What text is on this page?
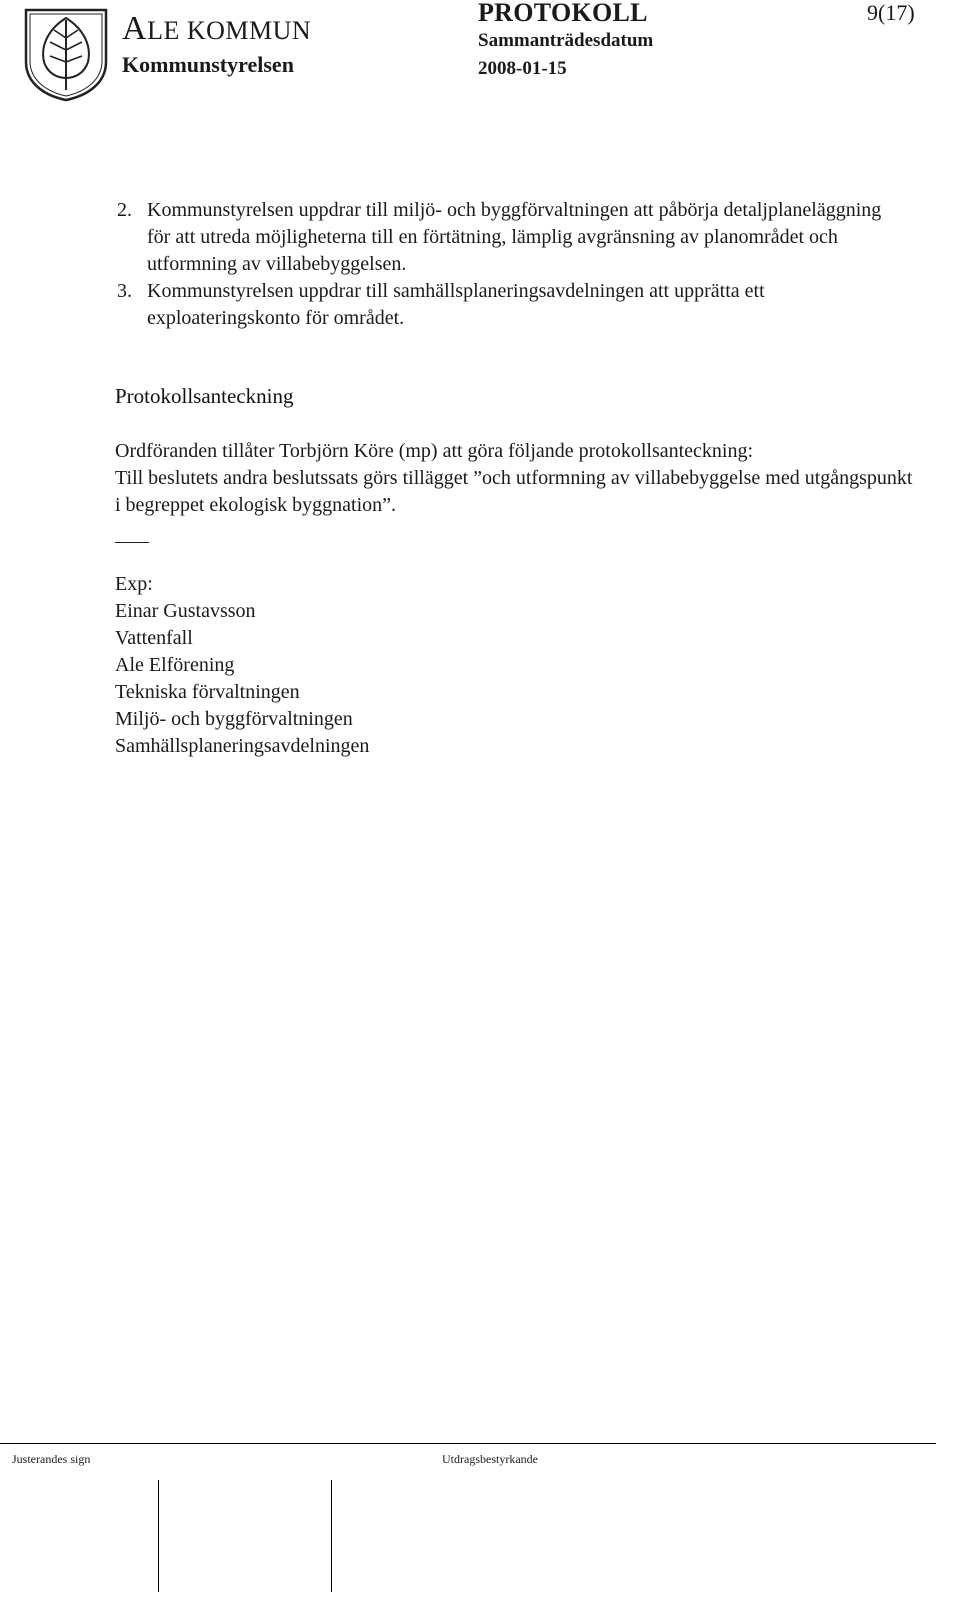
ALE KOMMUN
Kommunstyrelsen
PROTOKOLL	9(17)
Sammanträdesdatum
2008-01-15
2. Kommunstyrelsen uppdrar till miljö- och byggförvaltningen att påbörja detaljplaneläggning för att utreda möjligheterna till en förtätning, lämplig avgränsning av planområdet och utformning av villabebyggelsen.
3. Kommunstyrelsen uppdrar till samhällsplaneringsavdelningen att upprätta ett exploateringskonto för området.
Protokollsanteckning

Ordföranden tillåter Torbjörn Köre (mp) att göra följande protokollsanteckning:

Till beslutets andra beslutssats görs tillägget ”och utformning av villabebyggelse med utgångspunkt i begreppet ekologisk byggnation”.

Exp:
Einar Gustavsson
Vattenfall
Ale Elförening
Tekniska förvaltningen
Miljö- och byggförvaltningen
Samhällsplaneringsavdelningen
Justerandes sign	Utdragsbestyrkande
